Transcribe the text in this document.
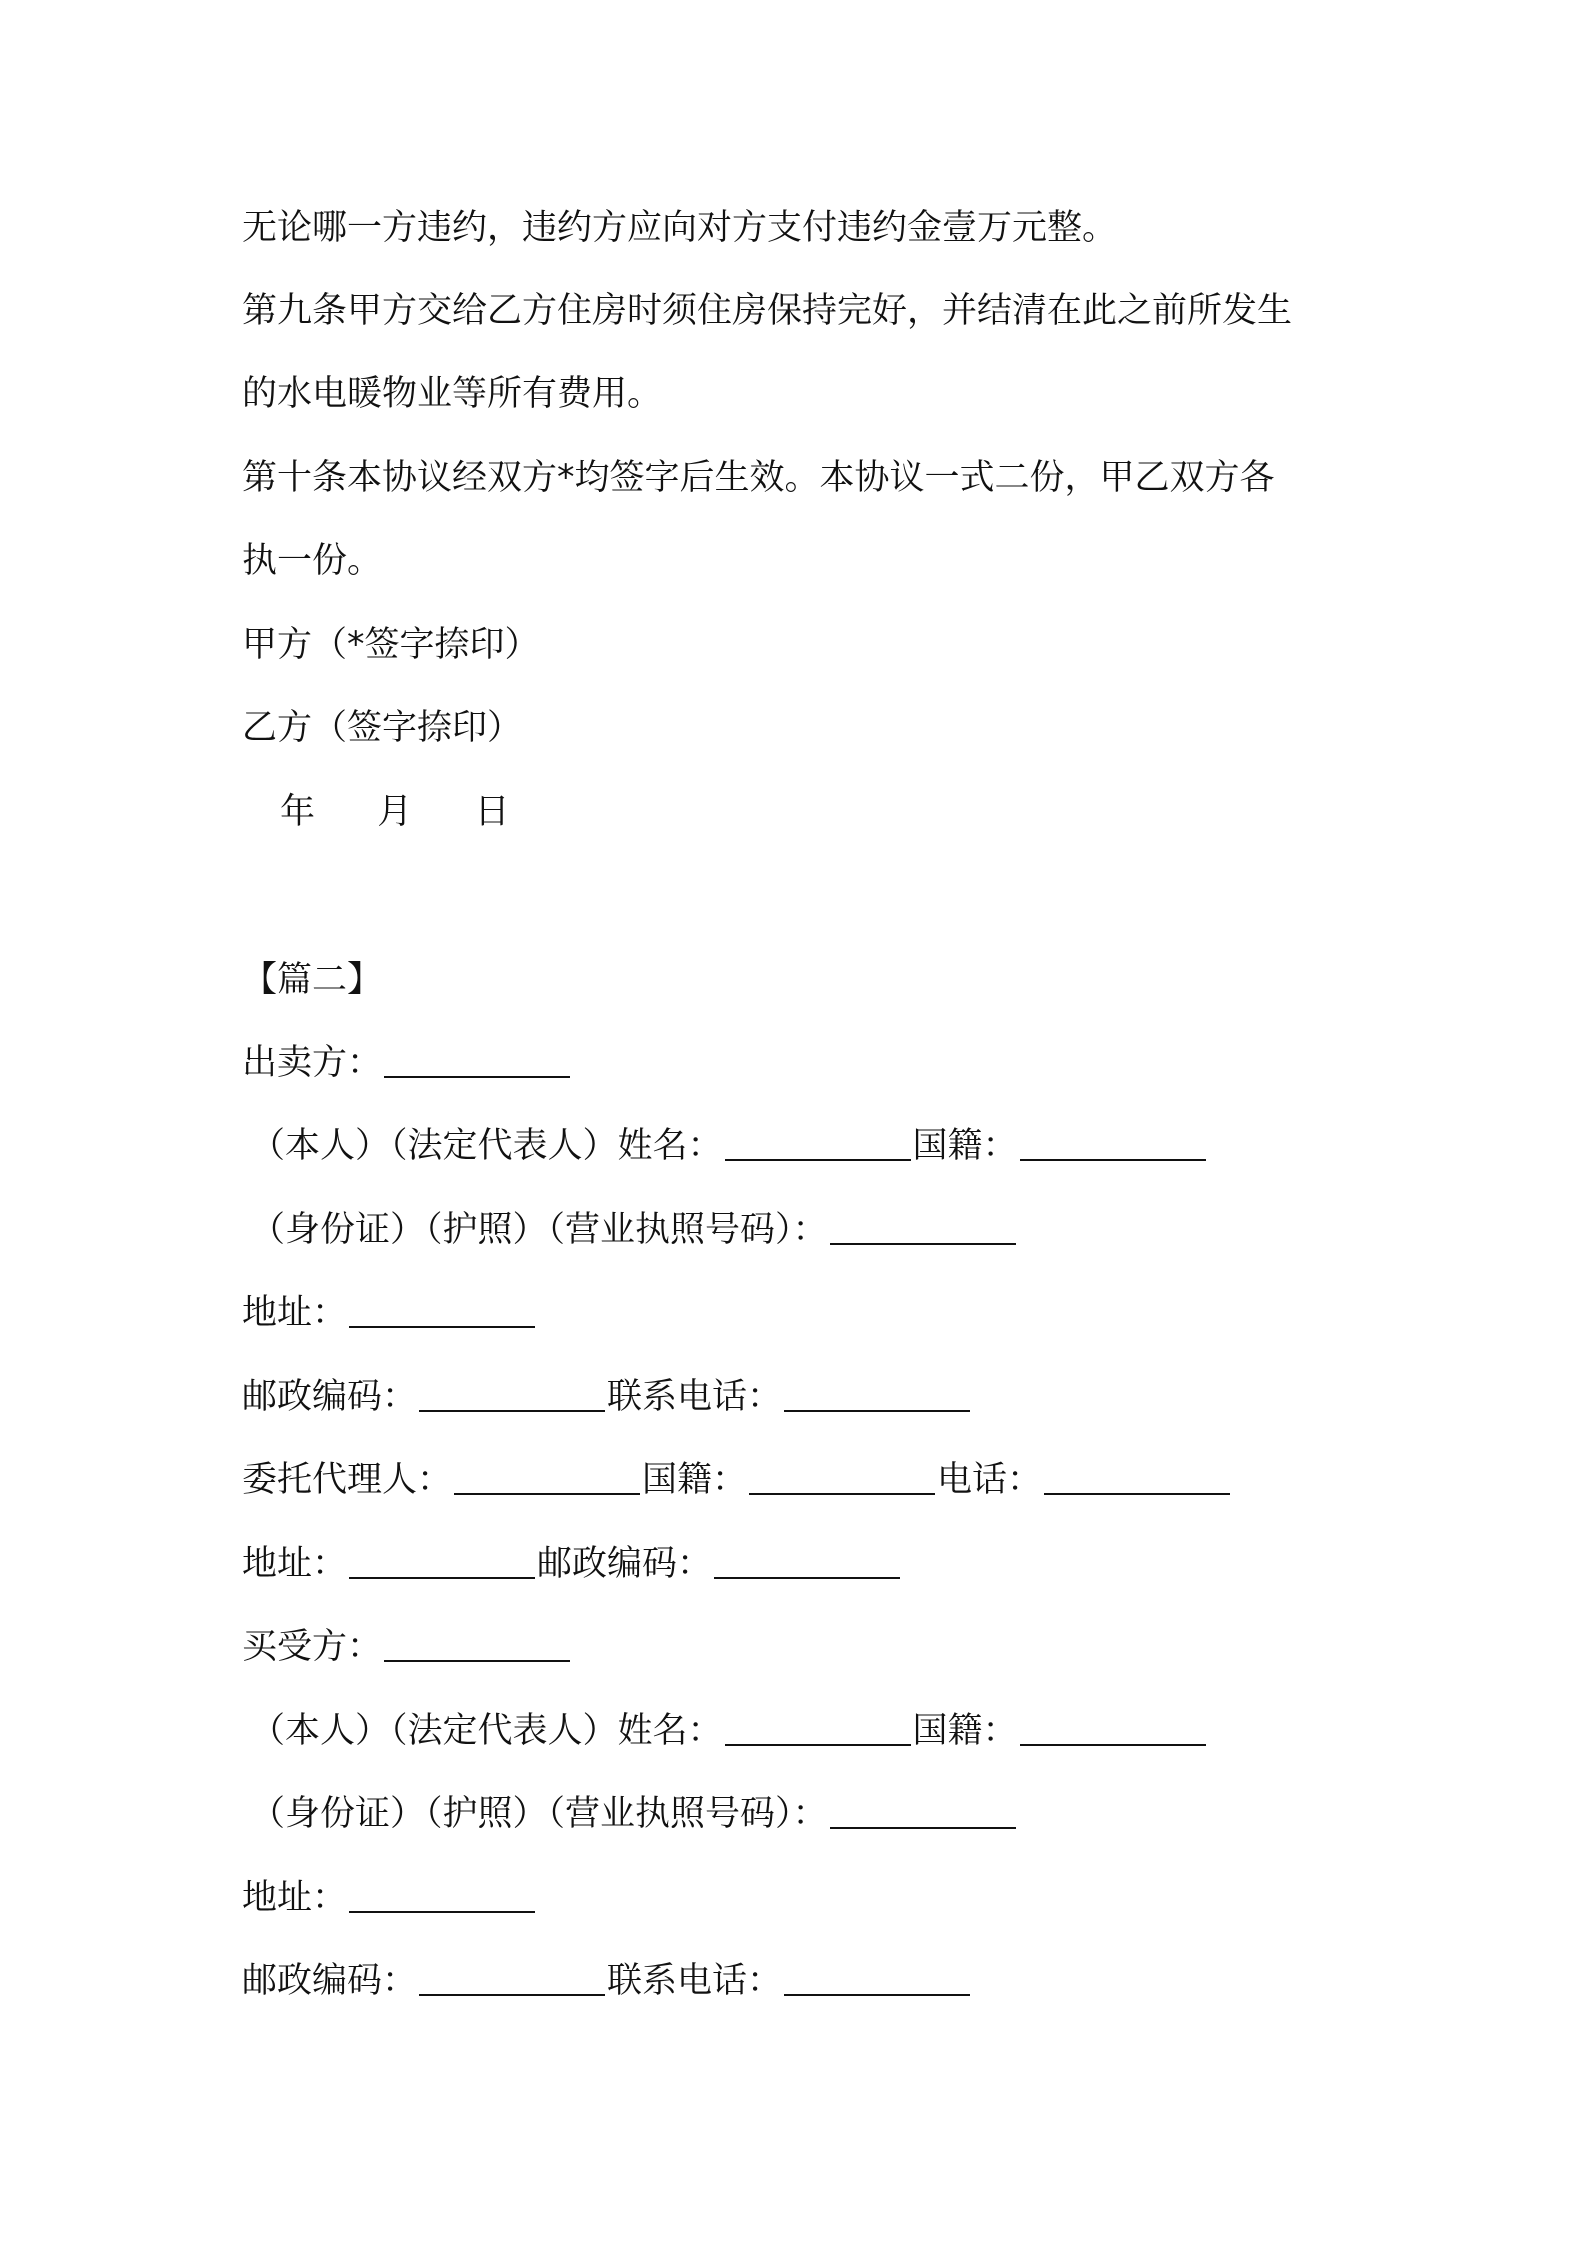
无论哪一方违约，违约方应向对方支付违约金壹万元整。
第九条甲方交给乙方住房时须住房保持完好，并结清在此之前所发生
的水电暖物业等所有费用。
第十条本协议经双方*均签字后生效。本协议一式二份，甲乙双方各
执一份。
甲方（*签字捺印）
乙方（签字捺印）
年 月 日
【篇二】
出卖方：
（本人）（法定代表人）姓名：	国籍：
（身份证）（护照）（营业执照号码）：
地址：
邮政编码：	联系电话：
委托代理人：	国籍：	电话：
地址：	邮政编码：
买受方：
（本人）（法定代表人）姓名：	国籍：
（身份证）（护照）（营业执照号码）：
地址：
邮政编码：	联系电话：
